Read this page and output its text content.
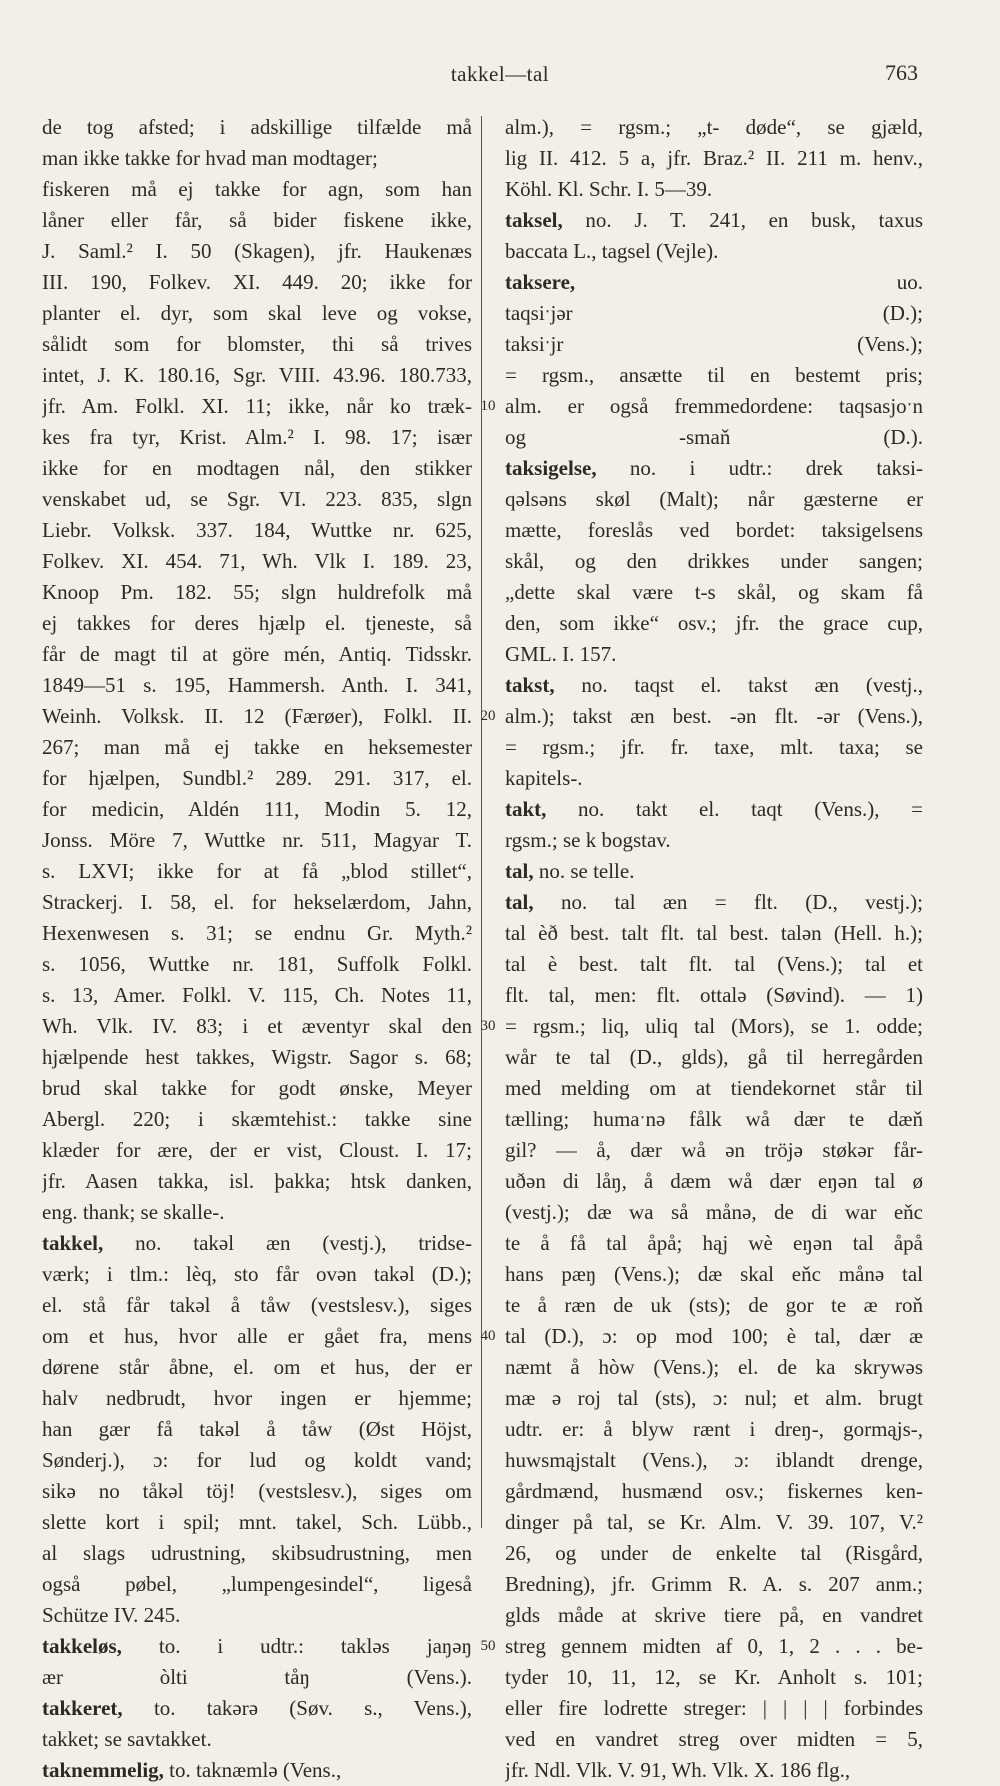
takkel—tal	763
de tog afsted; i adskillige tilfælde må
man ikke takke for hvad man modtager;
fiskeren må ej takke for agn, som han
låner eller får, så bider fiskene ikke,
J. Saml.² I. 50 (Skagen), jfr. Haukenæs
III. 190, Folkev. XI. 449. 20; ikke for
planter el. dyr, som skal leve og vokse,
sålidt som for blomster, thi så trives
intet, J. K. 180.16, Sgr. VIII. 43.96. 180.733,
jfr. Am. Folkl. XI. 11; ikke, når ko træk-
kes fra tyr, Krist. Alm.² I. 98. 17; især
ikke for en modtagen nål, den stikker
venskabet ud, se Sgr. VI. 223. 835, slgn
Liebr. Volksk. 337. 184, Wuttke nr. 625,
Folkev. XI. 454. 71, Wh. Vlk I. 189. 23,
Knoop Pm. 182. 55; slgn huldrefolk må
ej takkes for deres hjælp el. tjeneste, så
får de magt til at göre mén, Antiq. Tidsskr.
1849—51 s. 195, Hammersh. Anth. I. 341,
Weinh. Volksk. II. 12 (Færøer), Folkl. II.
267; man må ej takke en heksemester
for hjælpen, Sundbl.² 289. 291. 317, el.
for medicin, Aldén 111, Modin 5. 12,
Jonss. Möre 7, Wuttke nr. 511, Magyar T.
s. LXVI; ikke for at få „blod stillet“,
Strackerj. I. 58, el. for hekselærdom, Jahn,
Hexenwesen s. 31; se endnu Gr. Myth.²
s. 1056, Wuttke nr. 181, Suffolk Folkl.
s. 13, Amer. Folkl. V. 115, Ch. Notes 11,
Wh. Vlk. IV. 83; i et æventyr skal den
hjælpende hest takkes, Wigstr. Sagor s. 68;
brud skal takke for godt ønske, Meyer
Abergl. 220; i skæmtehist.: takke sine
klæder for ære, der er vist, Cloust. I. 17;
jfr. Aasen takka, isl. þakka; htsk danken,
eng. thank; se skalle-.
takkel, no. takəl æn (vestj.), tridse-
værk; i tlm.: lèq, sto får ovən takəl (D.);
el. stå får takəl å tåw (vestslesv.), siges
om et hus, hvor alle er gået fra, mens
dørene står åbne, el. om et hus, der er
halv nedbrudt, hvor ingen er hjemme;
han gær få takəl å tåw (Øst Höjst,
Sønderj.), ɔ: for lud og koldt vand;
sikə no tåkəl töj! (vestslesv.), siges om
slette kort i spil; mnt. takel, Sch. Lübb.,
al slags udrustning, skibsudrustning, men
også pøbel, „lumpengesindel“, ligeså
Schütze IV. 245.
takkeløs, to. i udtr.: takləs jaŋəŋ
ær òlti tåŋ (Vens.).
takkeret, to. takərə (Søv. s., Vens.),
takket; se savtakket.
taknemmelig, to. taknæmlə (Vens.,
alm.), = rgsm.; „t- døde“, se gjæld,
lig II. 412. 5 a, jfr. Braz.² II. 211 m. henv.,
Köhl. Kl. Schr. I. 5—39.
taksel, no. J. T. 241, en busk, taxus
baccata L., tagsel (Vejle).
taksere, uo.
taqsiˑjər (D.);
taksiˑjr (Vens.);
= rgsm., ansætte til en bestemt pris;
alm. er også fremmedordene: taqsasjoˑn
og -smaň (D.).
taksigelse, no. i udtr.: drek taksi-
qəlsəns skøl (Malt); når gæsterne er
mætte, foreslås ved bordet: taksigelsens
skål, og den drikkes under sangen;
„dette skal være t-s skål, og skam få
den, som ikke“ osv.; jfr. the grace cup,
GML. I. 157.
takst, no. taqst el. takst æn (vestj.,
alm.); takst æn best. -ən flt. -ər (Vens.),
= rgsm.; jfr. fr. taxe, mlt. taxa; se
kapitels-.
takt, no. takt el. taqt (Vens.), =
rgsm.; se k bogstav.
tal, no. se telle.
tal, no. tal æn = flt. (D., vestj.);
tal èð best. talt flt. tal best. talən (Hell. h.);
tal è best. talt flt. tal (Vens.); tal et
flt. tal, men: flt. ottalə (Søvind). — 1)
= rgsm.; liq, uliq tal (Mors), se 1. odde;
wår te tal (D., glds), gå til herregården
med melding om at tiendekornet står til
tælling; humaˑnə fålk wå dær te dæň
gil? — å, dær wå ən tröjə støkər får-
uðən di låŋ, å dæm wå dær eŋən tal ø
(vestj.); dæ wa så månə, de di war eňc
te å få tal åpå; hąj wè eŋən tal åpå
hans pæŋ (Vens.); dæ skal eňc månə tal
te å ræn de uk (sts); de gor te æ roň
tal (D.), ɔ: op mod 100; è tal, dær æ
næmt å hòw (Vens.); el. de ka skrywəs
mæ ə roj tal (sts), ɔ: nul; et alm. brugt
udtr. er: å blyw rænt i dreŋ-, gormąjs-,
huwsmąjstalt (Vens.), ɔ: iblandt drenge,
gårdmænd, husmænd osv.; fiskernes ken-
dinger på tal, se Kr. Alm. V. 39. 107, V.²
26, og under de enkelte tal (Risgård,
Bredning), jfr. Grimm R. A. s. 207 anm.;
glds måde at skrive tiere på, en vandret
streg gennem midten af 0, 1, 2 . . . be-
tyder 10, 11, 12, se Kr. Anholt s. 101;
eller fire lodrette streger: | | | | forbindes
ved en vandret streg over midten = 5,
jfr. Ndl. Vlk. V. 91, Wh. Vlk. X. 186 flg.,
10
20
30
40
50
